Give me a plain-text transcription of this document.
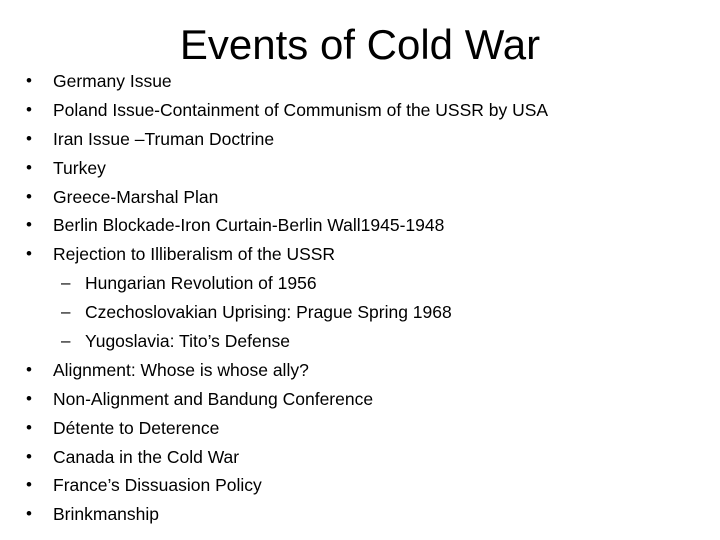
Events of Cold War
• Germany Issue
• Poland Issue-Containment of Communism of the USSR by USA
• Iran Issue –Truman Doctrine
• Turkey
• Greece-Marshal Plan
• Berlin Blockade-Iron Curtain-Berlin Wall1945-1948
• Rejection to Illiberalism of the USSR
– Hungarian Revolution of 1956
– Czechoslovakian Uprising: Prague Spring 1968
– Yugoslavia: Tito’s Defense
• Alignment: Whose is whose ally?
• Non-Alignment and Bandung Conference
• Détente to Deterence
• Canada in the Cold War
• France’s Dissuasion Policy
• Brinkmanship
